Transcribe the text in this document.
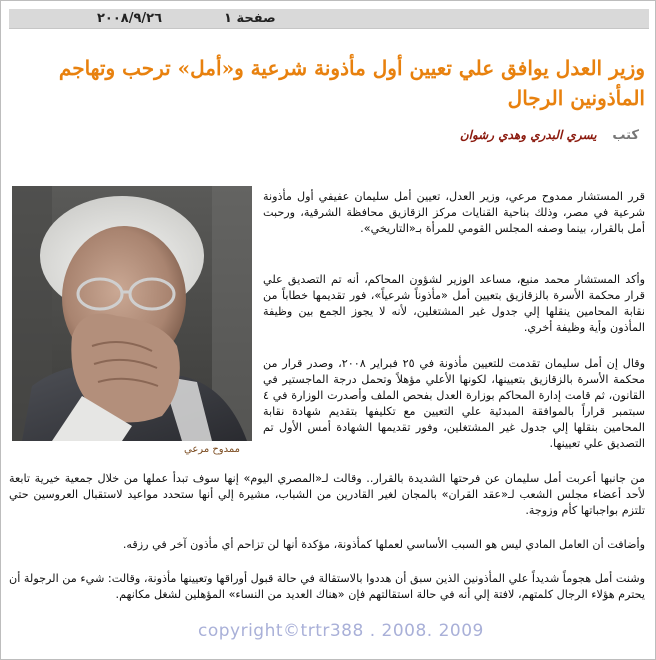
صفحة ١
٢٠٠٨/٩/٢٦
وزير العدل يوافق علي تعيين أول مأذونة شرعية و«أمل» ترحب وتهاجم المأذونين الرجال
كتب يسري البدري وهدي رشوان
ممدوح مرعي

قرر المستشار ممدوح مرعي، وزير العدل، تعيين أمل سليمان عفيفي أول مأذونة شرعية في مصر، وذلك بناحية القنايات مركز الزقازيق محافظة الشرقية، ورحبت أمل بالقرار، بينما وصفه المجلس القومي للمرأة بـ«التاريخي».

وأكد المستشار محمد منيع، مساعد الوزير لشؤون المحاكم، أنه تم التصديق علي قرار محكمة الأسرة بالزقازيق بتعيين أمل «مأذوناً شرعياً»، فور تقديمها خطاباً من نقابة المحامين ينقلها إلي جدول غير المشتغلين، لأنه لا يجوز الجمع بين وظيفة المأذون وأية وظيفة أخري.

وقال إن أمل سليمان تقدمت للتعيين مأذونة في ٢٥ فبراير ٢٠٠٨، وصدر قرار من محكمة الأسرة بالزقازيق بتعيينها، لكونها الأعلي مؤهلاً وتحمل درجة الماجستير في القانون، ثم قامت إدارة المحاكم بوزارة العدل بفحص الملف وأصدرت الوزارة في ٤ سبتمبر قراراً بالموافقة المبدئية علي التعيين مع تكليفها بتقديم شهادة نقابة المحامين بنقلها إلي جدول غير المشتغلين، وفور تقديمها الشهادة أمس الأول تم التصديق علي تعيينها.

من جانبها أعربت أمل سليمان عن فرحتها الشديدة بالقرار.. وقالت لـ«المصري اليوم» إنها سوف تبدأ عملها من خلال جمعية خيرية تابعة لأحد أعضاء مجلس الشعب لـ«عقد القران» بالمجان لغير القادرين من الشباب، مشيرة إلي أنها ستحدد مواعيد لاستقبال العروسين حتي تلتزم بواجباتها كأم وزوجة.

وأضافت أن العامل المادي ليس هو السبب الأساسي لعملها كمأذونة، مؤكدة أنها لن تزاحم أي مأذون آخر في رزقه.

وشنت أمل هجوماً شديداً علي المأذونين الذين سبق أن هددوا بالاستقالة في حالة قبول أوراقها وتعيينها مأذونة، وقالت: شيء من الرجولة أن يحترم هؤلاء الرجال كلمتهم، لافتة إلي أنه في حالة استقالتهم فإن «هناك العديد من النساء» المؤهلين لشغل مكانهم.

copyright©trtr388 . 2008. 2009
